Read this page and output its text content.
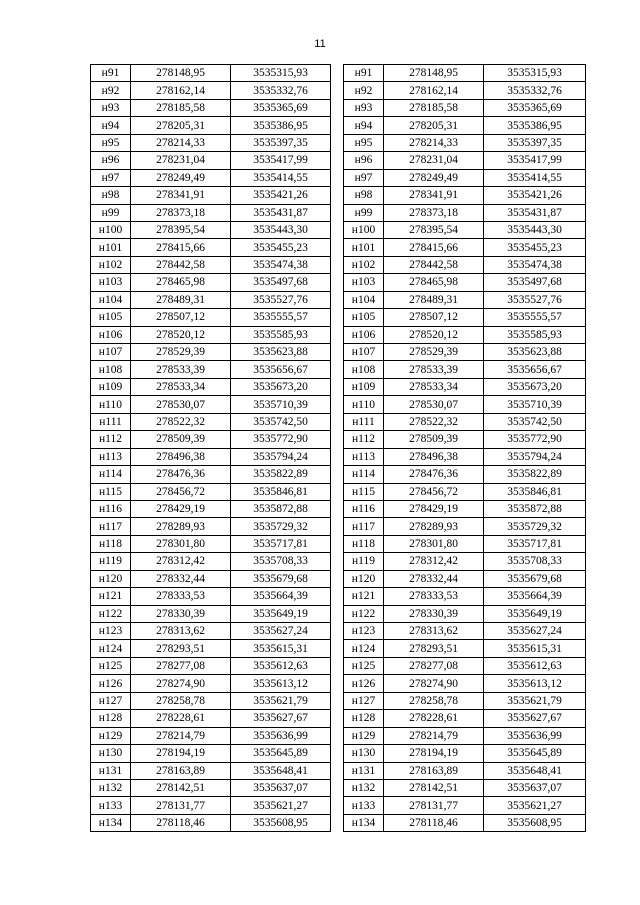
11
н91	278148,95	3535315,93
н92	278162,14	3535332,76
н93	278185,58	3535365,69
н94	278205,31	3535386,95
н95	278214,33	3535397,35
н96	278231,04	3535417,99
н97	278249,49	3535414,55
н98	278341,91	3535421,26
н99	278373,18	3535431,87
н100	278395,54	3535443,30
н101	278415,66	3535455,23
н102	278442,58	3535474,38
н103	278465,98	3535497,68
н104	278489,31	3535527,76
н105	278507,12	3535555,57
н106	278520,12	3535585,93
н107	278529,39	3535623,88
н108	278533,39	3535656,67
н109	278533,34	3535673,20
н110	278530,07	3535710,39
н111	278522,32	3535742,50
н112	278509,39	3535772,90
н113	278496,38	3535794,24
н114	278476,36	3535822,89
н115	278456,72	3535846,81
н116	278429,19	3535872,88
н117	278289,93	3535729,32
н118	278301,80	3535717,81
н119	278312,42	3535708,33
н120	278332,44	3535679,68
н121	278333,53	3535664,39
н122	278330,39	3535649,19
н123	278313,62	3535627,24
н124	278293,51	3535615,31
н125	278277,08	3535612,63
н126	278274,90	3535613,12
н127	278258,78	3535621,79
н128	278228,61	3535627,67
н129	278214,79	3535636,99
н130	278194,19	3535645,89
н131	278163,89	3535648,41
н132	278142,51	3535637,07
н133	278131,77	3535621,27
н134	278118,46	3535608,95
н91	278148,95	3535315,93
н92	278162,14	3535332,76
н93	278185,58	3535365,69
н94	278205,31	3535386,95
н95	278214,33	3535397,35
н96	278231,04	3535417,99
н97	278249,49	3535414,55
н98	278341,91	3535421,26
н99	278373,18	3535431,87
н100	278395,54	3535443,30
н101	278415,66	3535455,23
н102	278442,58	3535474,38
н103	278465,98	3535497,68
н104	278489,31	3535527,76
н105	278507,12	3535555,57
н106	278520,12	3535585,93
н107	278529,39	3535623,88
н108	278533,39	3535656,67
н109	278533,34	3535673,20
н110	278530,07	3535710,39
н111	278522,32	3535742,50
н112	278509,39	3535772,90
н113	278496,38	3535794,24
н114	278476,36	3535822,89
н115	278456,72	3535846,81
н116	278429,19	3535872,88
н117	278289,93	3535729,32
н118	278301,80	3535717,81
н119	278312,42	3535708,33
н120	278332,44	3535679,68
н121	278333,53	3535664,39
н122	278330,39	3535649,19
н123	278313,62	3535627,24
н124	278293,51	3535615,31
н125	278277,08	3535612,63
н126	278274,90	3535613,12
н127	278258,78	3535621,79
н128	278228,61	3535627,67
н129	278214,79	3535636,99
н130	278194,19	3535645,89
н131	278163,89	3535648,41
н132	278142,51	3535637,07
н133	278131,77	3535621,27
н134	278118,46	3535608,95
